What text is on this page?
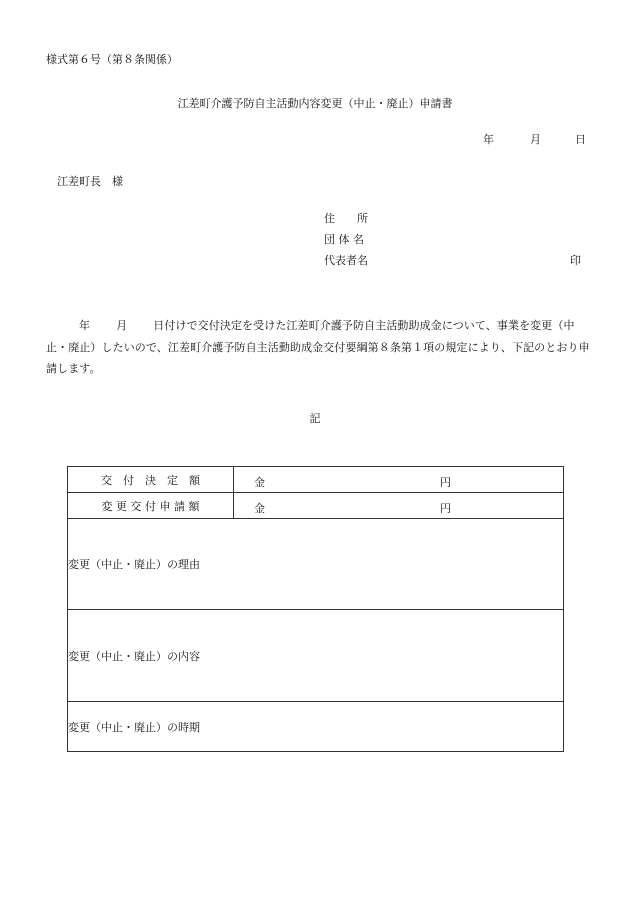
様式第６号（第８条関係）
江差町介護予防自主活動内容変更（中止・廃止）申請書
年	月	日
江差町長　様
住　　所
団 体 名
代表者名	印
年 月 日付けで交付決定を受けた江差町介護予防自主活動助成金について、事業を変更（中止・廃止）したいので、江差町介護予防自主活動助成金交付要綱第８条第１項の規定により、下記のとおり申請します。
記
交　付　決　定　額	金 円

変 更 交 付 申 請 額	金 円

変更（中止・廃止）の理由	
変更（中止・廃止）の内容	
変更（中止・廃止）の時期	
